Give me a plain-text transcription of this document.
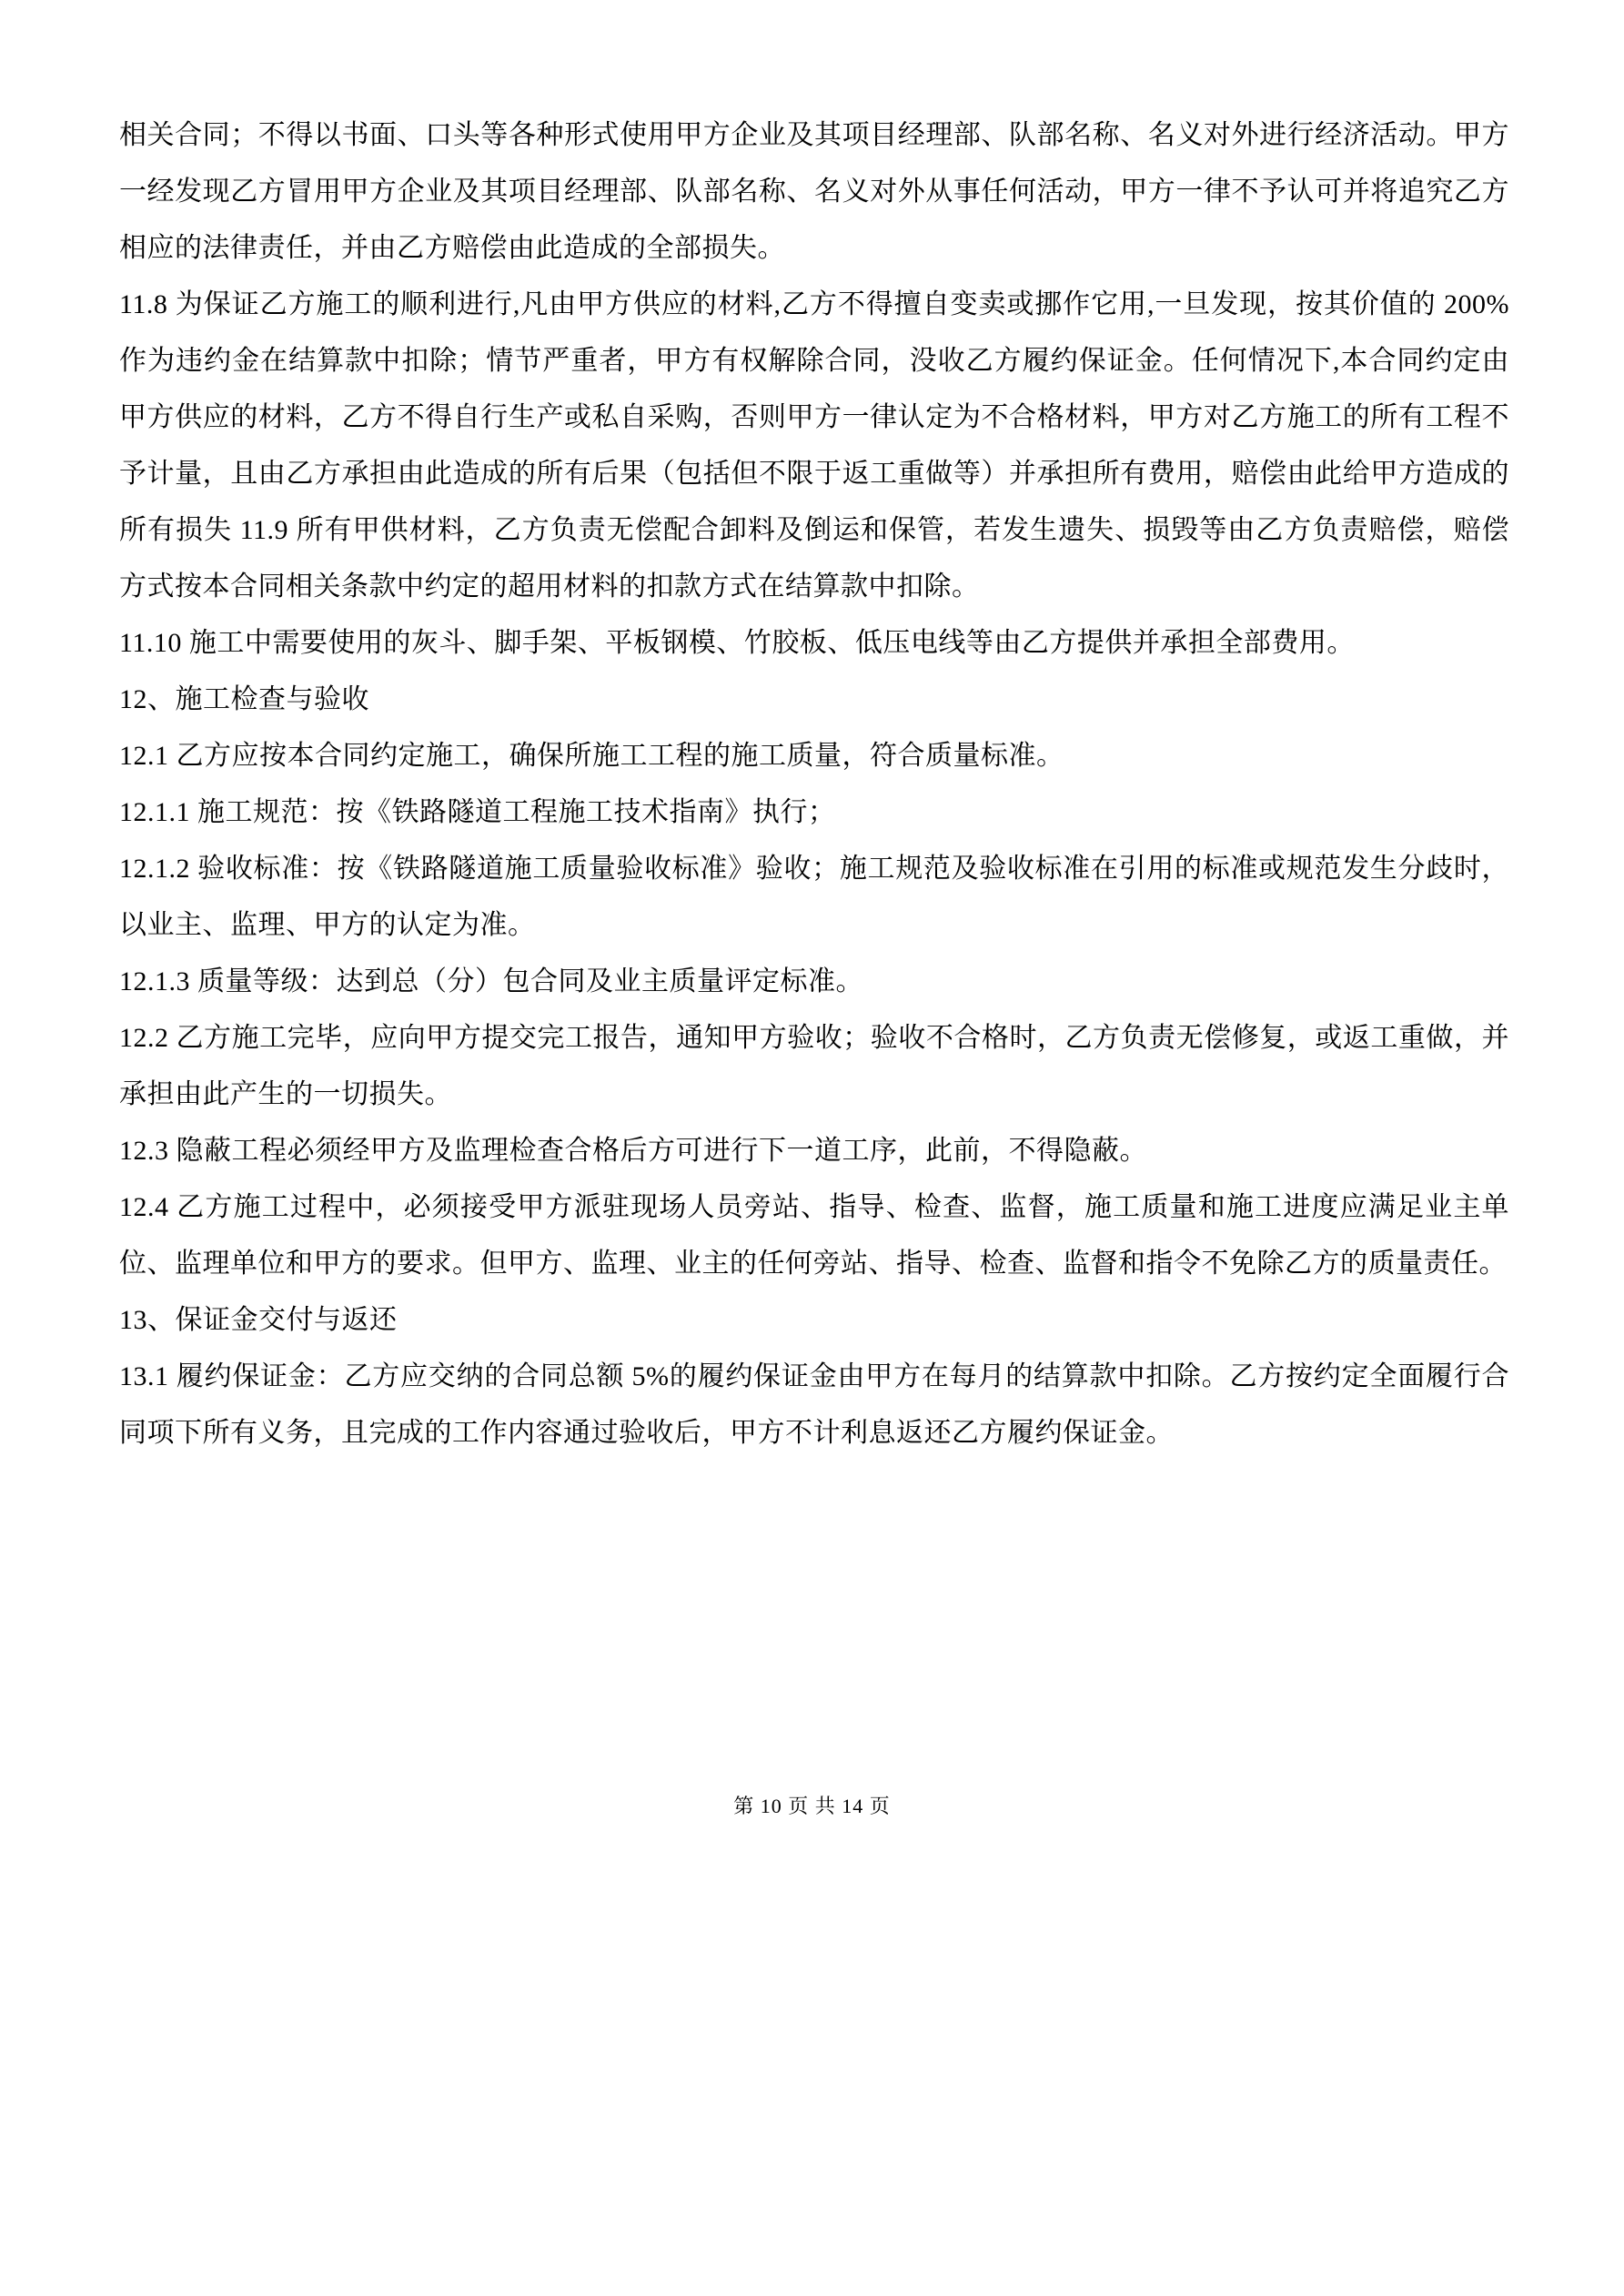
相关合同；不得以书面、口头等各种形式使用甲方企业及其项目经理部、队部名称、名义对外进行经济活动。甲方一经发现乙方冒用甲方企业及其项目经理部、队部名称、名义对外从事任何活动，甲方一律不予认可并将追究乙方相应的法律责任，并由乙方赔偿由此造成的全部损失。

11.8 为保证乙方施工的顺利进行,凡由甲方供应的材料,乙方不得擅自变卖或挪作它用,一旦发现，按其价值的 200%作为违约金在结算款中扣除；情节严重者，甲方有权解除合同，没收乙方履约保证金。任何情况下,本合同约定由甲方供应的材料，乙方不得自行生产或私自采购，否则甲方一律认定为不合格材料，甲方对乙方施工的所有工程不予计量，且由乙方承担由此造成的所有后果（包括但不限于返工重做等）并承担所有费用，赔偿由此给甲方造成的所有损失 11.9 所有甲供材料，乙方负责无偿配合卸料及倒运和保管，若发生遗失、损毁等由乙方负责赔偿，赔偿方式按本合同相关条款中约定的超用材料的扣款方式在结算款中扣除。

11.10 施工中需要使用的灰斗、脚手架、平板钢模、竹胶板、低压电线等由乙方提供并承担全部费用。

12、施工检查与验收

12.1 乙方应按本合同约定施工，确保所施工工程的施工质量，符合质量标准。

12.1.1 施工规范：按《铁路隧道工程施工技术指南》执行；

12.1.2 验收标准：按《铁路隧道施工质量验收标准》验收；施工规范及验收标准在引用的标准或规范发生分歧时，以业主、监理、甲方的认定为准。

12.1.3 质量等级：达到总（分）包合同及业主质量评定标准。

12.2 乙方施工完毕，应向甲方提交完工报告，通知甲方验收；验收不合格时，乙方负责无偿修复，或返工重做，并承担由此产生的一切损失。

12.3 隐蔽工程必须经甲方及监理检查合格后方可进行下一道工序，此前，不得隐蔽。

12.4 乙方施工过程中，必须接受甲方派驻现场人员旁站、指导、检查、监督，施工质量和施工进度应满足业主单位、监理单位和甲方的要求。但甲方、监理、业主的任何旁站、指导、检查、监督和指令不免除乙方的质量责任。

13、保证金交付与返还

13.1 履约保证金：乙方应交纳的合同总额 5%的履约保证金由甲方在每月的结算款中扣除。乙方按约定全面履行合同项下所有义务，且完成的工作内容通过验收后，甲方不计利息返还乙方履约保证金。

第 10 页 共 14 页
